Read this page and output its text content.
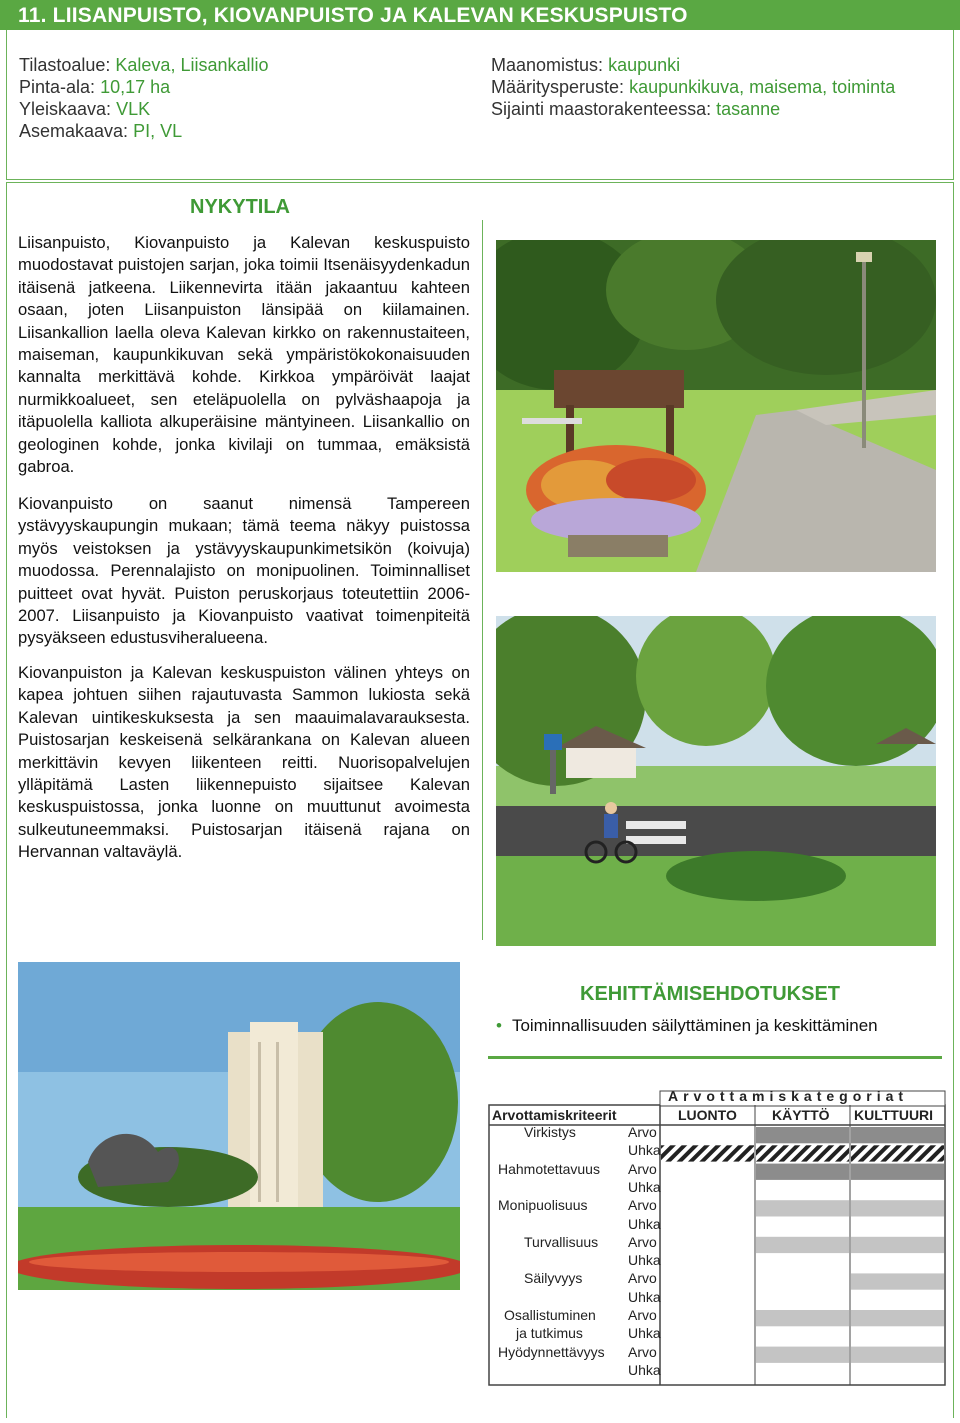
11. LIISANPUISTO, KIOVANPUISTO JA KALEVAN KESKUSPUISTO
Tilastoalue: Kaleva, Liisankallio
Pinta-ala: 10,17 ha
Yleiskaava: VLK
Asemakaava: PI, VL
Maanomistus: kaupunki
Määritysperuste: kaupunkikuva, maisema, toiminta
Sijainti maastorakenteessa: tasanne
NYKYTILA
Liisanpuisto, Kiovanpuisto ja Kalevan keskuspuisto muodostavat puistojen sarjan, joka toimii Itsenäisyydenkadun itäisenä jatkeena. Liikennevirta itään jakaantuu kahteen osaan, joten Liisanpuiston länsipää on kiilamainen. Liisankallion laella oleva Kalevan kirkko on rakennustaiteen, maiseman, kaupunkikuvan sekä ympäristökokonaisuuden kannalta merkittävä kohde. Kirkkoa ympäröivät laajat nurmikkoalueet, sen eteläpuolella on pylväshaapoja ja itäpuolella kalliota alkuperäisine mäntyineen. Liisankallio on geologinen kohde, jonka kivilaji on tummaa, emäksistä gabroa.
Kiovanpuisto on saanut nimensä Tampereen ystävyyskaupungin mukaan; tämä teema näkyy puistossa myös veistoksen ja ystävyyskaupunkimetsikön (koivuja) muodossa. Perennalajisto on monipuolinen. Toiminnalliset puitteet ovat hyvät. Puiston peruskorjaus toteutettiin 2006-2007. Liisanpuisto ja Kiovanpuisto vaativat toimenpiteitä pysyäkseen edustusviheralueena.
Kiovanpuiston ja Kalevan keskuspuiston välinen yhteys on kapea johtuen siihen rajautuvasta Sammon lukiosta sekä Kalevan uintikeskuksesta ja sen maauimalavarauksesta. Puistosarjan keskeisenä selkärankana on Kalevan alueen merkittävin kevyen liikenteen reitti. Nuorisopalvelujen ylläpitämä Lasten liikennepuisto sijaitsee Kalevan keskuspuistossa, jonka luonne on muuttunut avoimesta sulkeutuneemmaksi. Puistosarjan itäisenä rajana on Hervannan valtaväylä.
KEHITTÄMISEHDOTUKSET
• Toiminnallisuuden säilyttäminen ja keskittäminen
Arvottamiskategoriat
Arvottamiskriteerit	LUONTO	KÄYTTÖ KULTTUURI
Virkistys	Arvo
Uhka
Hahmotettavuus Arvo
Uhka
Monipuolisuus	Arvo
Uhka
Turvallisuus Arvo
Uhka
Säilyvyys	Arvo
Uhka
Osallistuminen
ja tutkimus
Arvo
Uhka
Hyödynnettävyys Arvo
Uhka
